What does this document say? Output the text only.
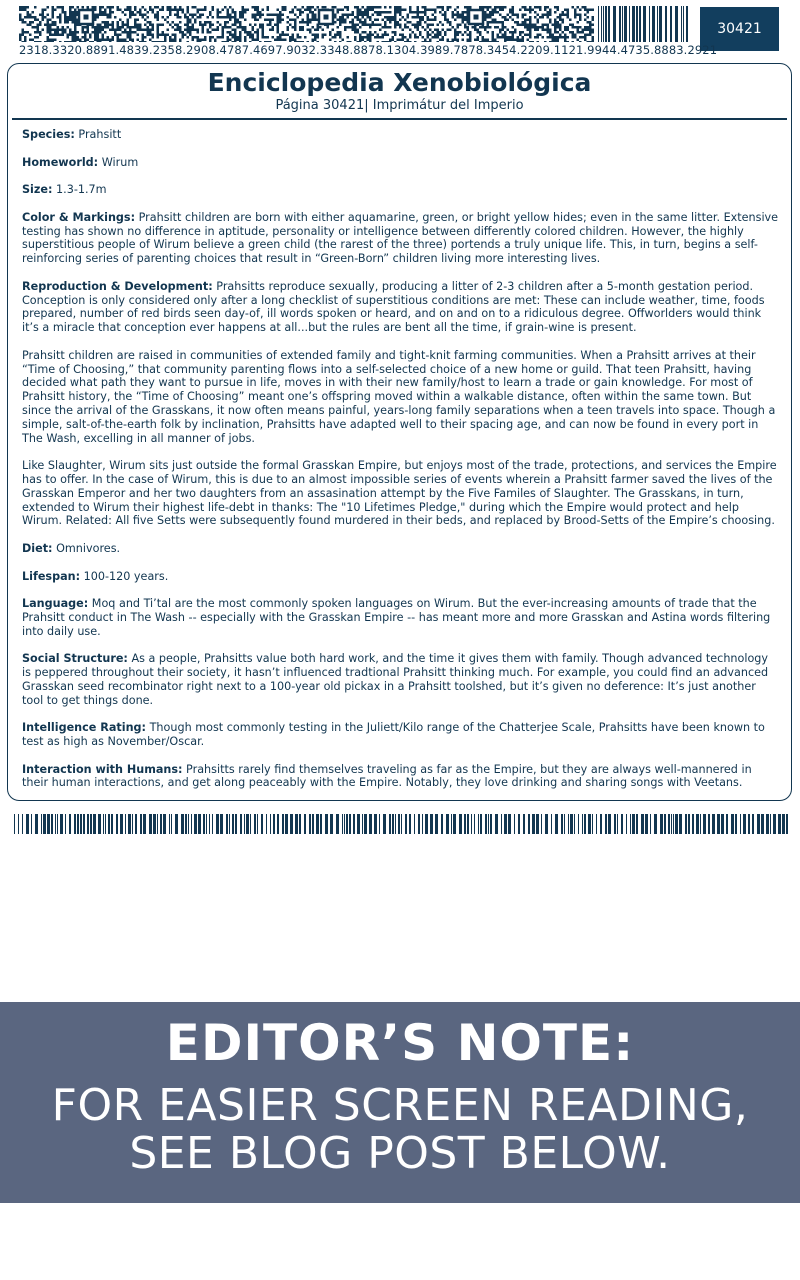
30421
2318.3320.8891.4839.2358.2908.4787.4697.9032.3348.8878.1304.3989.7878.3454.2209.1121.9944.4735.8883.2921
Enciclopedia Xenobiológica
Página 30421| Imprimátur del Imperio

Species: Prahsitt

Homeworld: Wirum

Size: 1.3-1.7m

Color & Markings: Prahsitt children are born with either aquamarine, green, or bright yellow hides; even in the same litter. Extensive testing has shown no difference in aptitude, personality or intelligence between differently colored children. However, the highly superstitious people of Wirum believe a green child (the rarest of the three) portends a truly unique life. This, in turn, begins a self-reinforcing series of parenting choices that result in “Green-Born” children living more interesting lives.

Reproduction & Development: Prahsitts reproduce sexually, producing a litter of 2-3 children after a 5-month gestation period. Conception is only considered only after a long checklist of superstitious conditions are met: These can include weather, time, foods prepared, number of red birds seen day-of, ill words spoken or heard, and on and on to a ridiculous degree. Offworlders would think it’s a miracle that conception ever happens at all...but the rules are bent all the time, if grain-wine is present.

Prahsitt children are raised in communities of extended family and tight-knit farming communities. When a Prahsitt arrives at their “Time of Choosing,” that community parenting flows into a self-selected choice of a new home or guild. That teen Prahsitt, having decided what path they want to pursue in life, moves in with their new family/host to learn a trade or gain knowledge. For most of Prahsitt history, the “Time of Choosing” meant one’s offspring moved within a walkable distance, often within the same town. But since the arrival of the Grasskans, it now often means painful, years-long family separations when a teen travels into space. Though a simple, salt-of-the-earth folk by inclination, Prahsitts have adapted well to their spacing age, and can now be found in every port in The Wash, excelling in all manner of jobs.

Like Slaughter, Wirum sits just outside the formal Grasskan Empire, but enjoys most of the trade, protections, and services the Empire has to offer. In the case of Wirum, this is due to an almost impossible series of events wherein a Prahsitt farmer saved the lives of the Grasskan Emperor and her two daughters from an assasination attempt by the Five Familes of Slaughter. The Grasskans, in turn, extended to Wirum their highest life-debt in thanks: The "10 Lifetimes Pledge," during which the Empire would protect and help Wirum. Related: All five Setts were subsequently found murdered in their beds, and replaced by Brood-Setts of the Empire’s choosing.

Diet: Omnivores.

Lifespan: 100-120 years.

Language: Moq and Ti’tal are the most commonly spoken languages on Wirum. But the ever-increasing amounts of trade that the Prahsitt conduct in The Wash -- especially with the Grasskan Empire -- has meant more and more Grasskan and Astina words filtering into daily use.

Social Structure: As a people, Prahsitts value both hard work, and the time it gives them with family. Though advanced technology is peppered throughout their society, it hasn’t influenced tradtional Prahsitt thinking much. For example, you could find an advanced Grasskan seed recombinator right next to a 100-year old pickax in a Prahsitt toolshed, but it’s given no deference: It’s just another tool to get things done.

Intelligence Rating: Though most commonly testing in the Juliett/Kilo range of the Chatterjee Scale, Prahsitts have been known to test as high as November/Oscar.

Interaction with Humans: Prahsitts rarely find themselves traveling as far as the Empire, but they are always well-mannered in their human interactions, and get along peaceably with the Empire. Notably, they love drinking and sharing songs with Veetans.

EDITOR’S NOTE:
FOR EASIER SCREEN READING,
SEE BLOG POST BELOW.
